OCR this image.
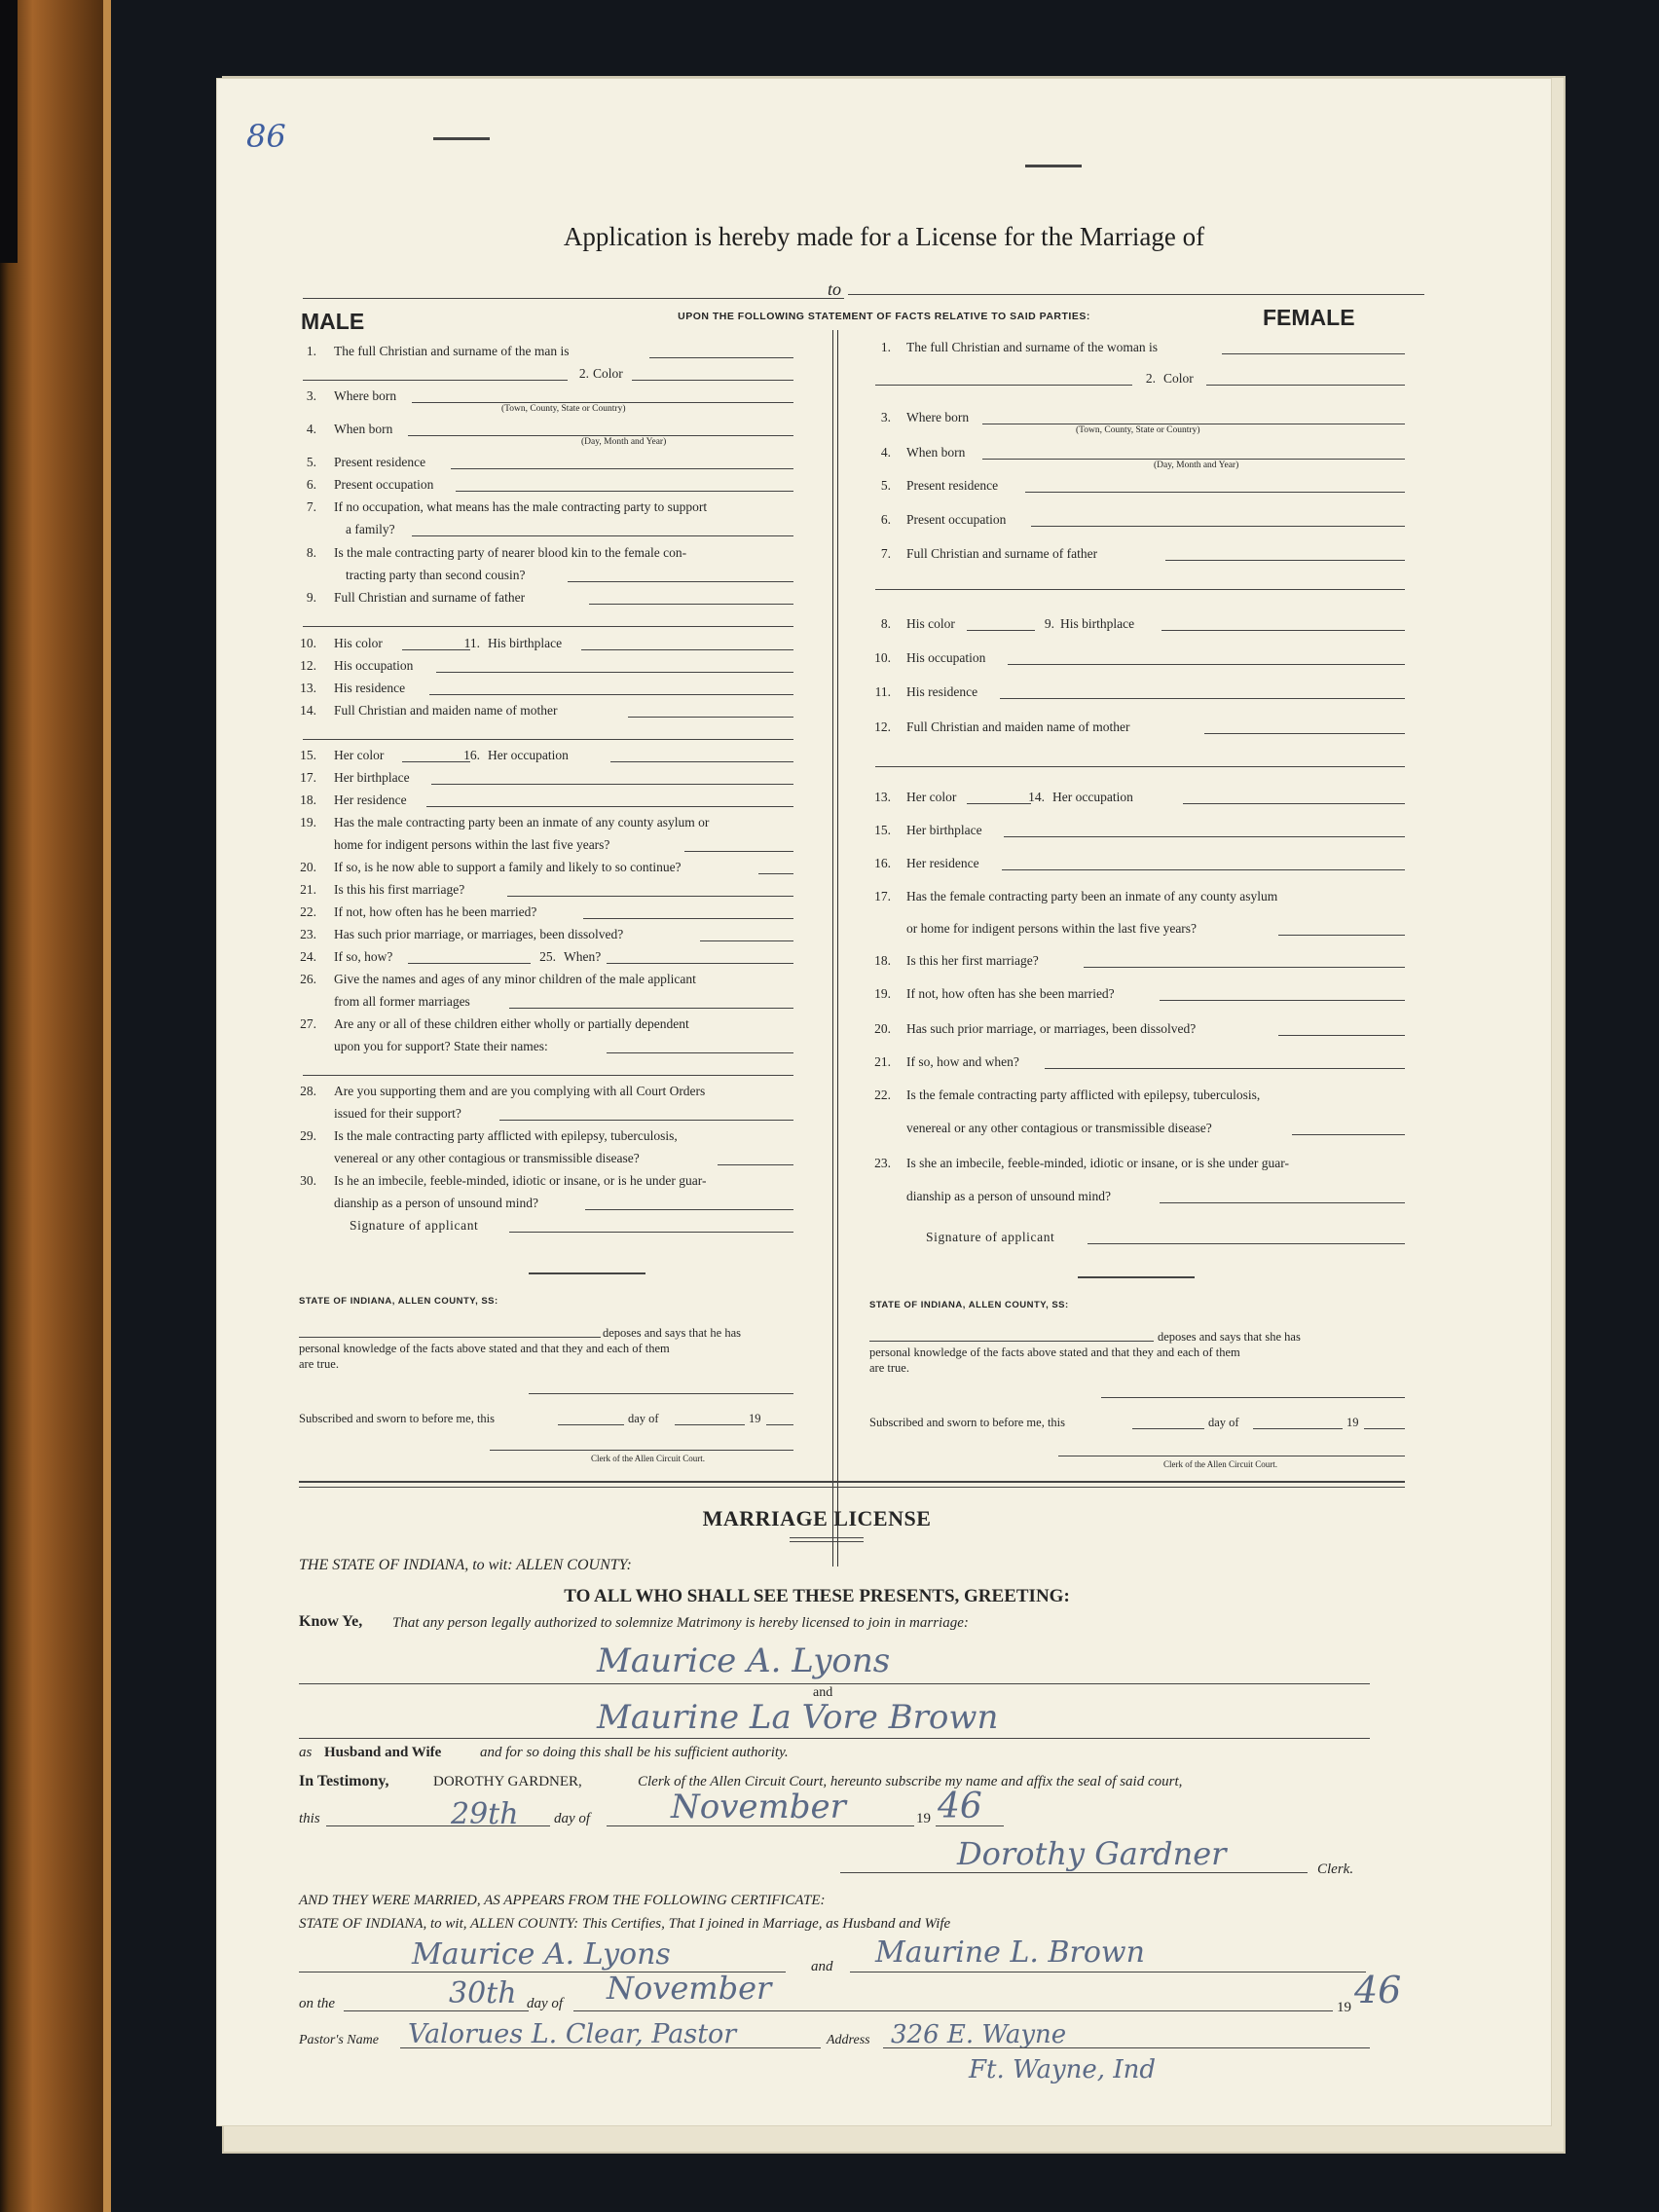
86
Application is hereby made for a License for the Marriage of
to
MALE	FEMALE
UPON THE FOLLOWING STATEMENT OF FACTS RELATIVE TO SAID PARTIES:
1. The full Christian and surname of the man is
2. Color
3. Where born
(Town, County, State or Country)
4. When born
(Day, Month and Year)
5. Present residence
6. Present occupation
7. If no occupation, what means has the male contracting party to support
a family?
8. Is the male contracting party of nearer blood kin to the female con-
tracting party than second cousin?
9. Full Christian and surname of father
10. His color	11. His birthplace
12. His occupation
13. His residence
14. Full Christian and maiden name of mother
15. Her color	16. Her occupation
17. Her birthplace
18. Her residence
19. Has the male contracting party been an inmate of any county asylum or
home for indigent persons within the last five years?
20. If so, is he now able to support a family and likely to so continue?
21. Is this his first marriage?
22. If not, how often has he been married?
23. Has such prior marriage, or marriages, been dissolved?
24. If so, how?	25. When?
26. Give the names and ages of any minor children of the male applicant
from all former marriages
27. Are any or all of these children either wholly or partially dependent
upon you for support? State their names:
28. Are you supporting them and are you complying with all Court Orders
issued for their support?
29. Is the male contracting party afflicted with epilepsy, tuberculosis,
venereal or any other contagious or transmissible disease?
30. Is he an imbecile, feeble-minded, idiotic or insane, or is he under guar-
dianship as a person of unsound mind?
Signature of applicant
STATE OF INDIANA, ALLEN COUNTY, SS:
deposes and says that he has
personal knowledge of the facts above stated and that they and each of them
are true.
Subscribed and sworn to before me, this	day of	19
Clerk of the Allen Circuit Court.
1. The full Christian and surname of the woman is
2. Color
3. Where born
(Town, County, State or Country)
4. When born
(Day, Month and Year)
5. Present residence
6. Present occupation
7. Full Christian and surname of father
8. His color	9. His birthplace
10. His occupation
11. His residence
12. Full Christian and maiden name of mother
13. Her color	14. Her occupation
15. Her birthplace
16. Her residence
17. Has the female contracting party been an inmate of any county asylum
or home for indigent persons within the last five years?
18. Is this her first marriage?
19. If not, how often has she been married?
20. Has such prior marriage, or marriages, been dissolved?
21. If so, how and when?
22. Is the female contracting party afflicted with epilepsy, tuberculosis,
venereal or any other contagious or transmissible disease?
23. Is she an imbecile, feeble-minded, idiotic or insane, or is she under guar-
dianship as a person of unsound mind?
Signature of applicant
STATE OF INDIANA, ALLEN COUNTY, SS:
deposes and says that she has
personal knowledge of the facts above stated and that they and each of them
are true.
Subscribed and sworn to before me, this	day of	19
Clerk of the Allen Circuit Court.
MARRIAGE LICENSE
THE STATE OF INDIANA, to wit: ALLEN COUNTY:
TO ALL WHO SHALL SEE THESE PRESENTS, GREETING:
Know Ye, That any person legally authorized to solemnize Matrimony is hereby licensed to join in marriage:
Maurice A. Lyons
and
Maurine La Vore Brown
as Husband and Wife	and for so doing this shall be his sufficient authority.
In Testimony,	DOROTHY GARDNER,	Clerk of the Allen Circuit Court, hereunto subscribe my name and affix the seal of said court,
this	29th day of November	19 46
Dorothy Gardner	Clerk.
AND THEY WERE MARRIED, AS APPEARS FROM THE FOLLOWING CERTIFICATE:
STATE OF INDIANA, to wit, ALLEN COUNTY: This Certifies, That I joined in Marriage, as Husband and Wife
Maurice A. Lyons	and Maurine L. Brown
on the	30th day of November
19 46
Pastor's Name Valorues L. Clear, Pastor	Address 326 E. Wayne
Ft. Wayne, Ind
